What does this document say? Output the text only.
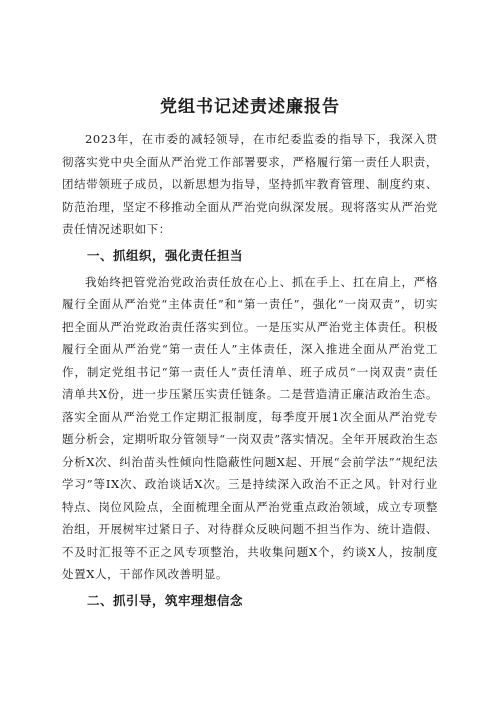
党组书记述责述廉报告

2023年，在市委的减轻领导，在市纪委监委的指导下，我深入贯彻落实党中央全面从严治党工作部署要求，严格履行第一责任人职责，团结带领班子成员，以新思想为指导，坚持抓牢教育管理、制度约束、防范治理，坚定不移推动全面从严治党向纵深发展。现将落实从严治党责任情况述职如下：

一、抓组织，强化责任担当

我始终把管党治党政治责任放在心上、抓在手上、扛在肩上，严格履行全面从严治党“主体责任”和“第一责任”，强化“一岗双责”，切实把全面从严治党政治责任落实到位。一是压实从严治党主体责任。积极履行全面从严治党“第一责任人”主体责任，深入推进全面从严治党工作，制定党组书记“第一责任人”责任清单、班子成员“一岗双责”责任清单共X份，进一步压紧压实责任链条。二是营造清正廉洁政治生态。落实全面从严治党工作定期汇报制度，每季度开展1次全面从严治党专题分析会，定期听取分管领导“一岗双责”落实情况。全年开展政治生态分析X次、纠治苗头性倾向性隐蔽性问题X起、开展“会前学法”“规纪法学习”等IX次、政治谈话X次。三是持续深入政治不正之风。针对行业特点、岗位风险点，全面梳理全面从严治党重点政治领域，成立专项整治组，开展树牢过紧日子、对待群众反映问题不担当作为、统计造假、不及时汇报等不正之风专项整治，共收集问题X个，约谈X人，按制度处置X人，干部作风改善明显。

二、抓引导，筑牢理想信念
